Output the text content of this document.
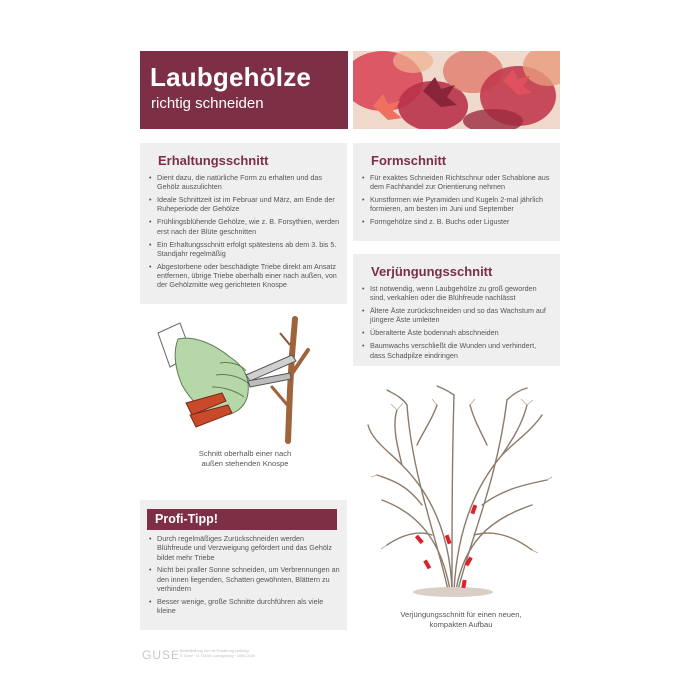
Laubgehölze
richtig schneiden
Erhaltungsschnitt
• Dient dazu, die natürliche Form zu erhalten und das Gehölz auszulichten
• Ideale Schnittzeit ist im Februar und März, am Ende der Ruheperiode der Gehölze
• Frühlingsblühende Gehölze, wie z. B. Forsythien, werden erst nach der Blüte geschnitten
• Ein Erhaltungsschnitt erfolgt spätestens ab dem 3. bis 5. Standjahr regelmäßig
• Abgestorbene oder beschädigte Triebe direkt am Ansatz entfernen, übrige Triebe oberhalb einer nach außen, von der Gehölzmitte weg gerichteten Knospe
Formschnitt
• Für exaktes Schneiden Richtschnur oder Schablone aus dem Fachhandel zur Orientierung nehmen
• Kunstformen wie Pyramiden und Kugeln 2-mal jährlich formieren, am besten im Juni und September
• Formgehölze sind z. B. Buchs oder Liguster
Verjüngungsschnitt
• Ist notwendig, wenn Laubgehölze zu groß geworden sind, verkahlen oder die Blühfreude nachlässt
• Ältere Äste zurückschneiden und so das Wachstum auf jüngere Äste umleiten
• Überalterte Äste bodennah abschneiden
• Baumwachs verschließt die Wunden und verhindert, dass Schadpilze eindringen
Schnitt oberhalb einer nach
außen stehenden Knospe
Verjüngungsschnitt für einen neuen,
kompakten Aufbau
• Durch regelmäßiges Zurückschneiden werden Blühfreude und Verzweigung gefördert und das Gehölz bildet mehr Triebe
• Nicht bei praller Sonne schneiden, um Verbrennungen an den innen liegenden, Schatten gewöhnten, Blättern zu verhindern
• Besser wenige, große Schnitte durchführen als viele kleine
Profi-Tipp!
GUSE Bestellfaltung nur mit Erstattung zulässig
© Guse · D-71640 Ludwigsburg · 1404-0030
